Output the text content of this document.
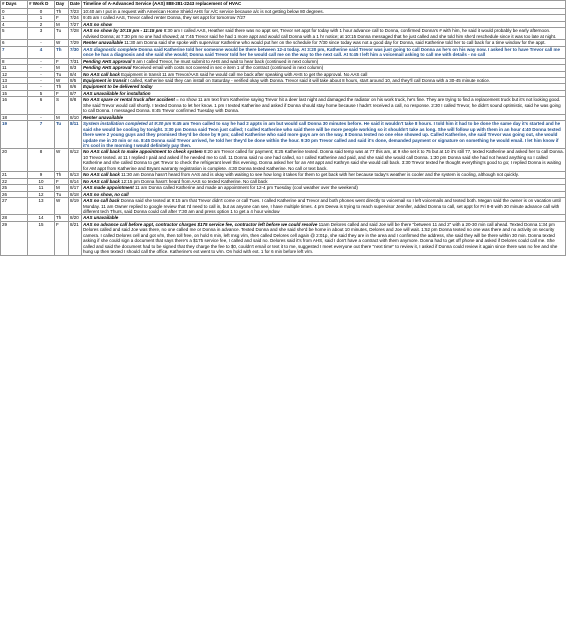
# Days	# Work D	Day	Date	Timeline of A-Advanced Service (AAS) 888-281-2243 replacement of HVAC
0	0	Th	7/23	10:40 am I put in a request with American Home Shield AHS for A/C service because a/c is not getting below 80 degrees.
1	1	F	7/24	9:45 am I called AAS, Trevor called renter Donna, they set appt for tomorrow 7/27
4	2	M	7/27	AAS no show
5	3	Tu	7/28	AAS no show by 10:15 pm - 11:15 pm 8:30 am I called AAS, Heather said there was no appt set, Trevor set appt for today with 1 hour advance call to Donna, confirmed Donna's # with him, he said it would probably be early afternoon. Advised Donna; at 7:30 pm no one had showed; at 7:45 Trevor said he had 1 more appt and would call Donna with a 1 hr notice; at 10:15 Donna messaged that he just called and she told him she'd reschedule since it was too late at night.
6	-	W	7/29	Renter unavailable 11:30 am Donna said she spoke with supervisor Katherine who would put her on the schedule for 7/30 since today was not a good day for Donna, said Katherine told her to call back for a time window for the appt.
7	4	Th	7/30	AAS diagnostic complete Donna said Katherine told her someone would be there between 12-4 today. At 3:20 pm, Katherine said Trevor was just going to call Donna as he's on his way now. I asked her to have Trevor call me once he has a diagnosis and she said she would; Donna said Trevor told her he would call me on the way to the next call. At 5:45 I left him a voicemail asking to call me with details - no call
8	-	F	7/31	Pending AHS approval 9 am I called Trevor, he must submit to AHS and wait to hear back (continued in next column)
11	-	M	8/3	Pending AHS approval Received email with costs not covered in sec e item 1 of the contract (continued in next column)
12	-	Tu	8/4	No AAS call back Equipment in transit 11 am Trevor/AAS said he would call me back after speaking with AHS to get the approval. No AAS call
13	-	W	8/5	Equipment in transit I called, Katherine said they can install on Saturday - verified okay with Donna. Trevor said it will take about 8 hours, start around 10, and they'll call Donna with a 30-45 minute notice.
14	-	Th	8/6	Equipment to be delivered today
15	5	F	8/7	AAS unavailable for installation
16	6	S	8/8	No AAS spare or rental truck after accident = no show 11 am text from Katherine saying Trevor hit a deer last night and damaged the radiator on his work truck, he's fine. They are trying to find a replacement truck but it's not looking good. She said Trevor would call shortly. I texted Donna to let her know. 1 pm I texted Katherine and asked if Donna should stay home because I hadn't received a call, no response. 2:30 I called Trevor, he didn't sound optimistic, said he was going to call Donna. I messaged Donna. 8:45 Trevor confirmed Tuesday with Donna.
18	-	M	8/10	Renter unavailable
19	7	Tu	8/11	System installation completed at 9:30 pm 9:45 am Teon called to say he had 2 appts in am but would call Donna 30 minutes before. He said it wouldn't take 8 hours. I told him it had to be done the same day it's started and he said she would be cooling by tonight. 3:30 pm Donna said Teon just called; I called Katherine who said there will be more people working so it shouldn't take as long. She will follow up with them in an hour 4:40 Donna texted there were 2 young guys and they promised they'd be done by 9 pm; called Katherine who said more guys are on the way. 8 Donna texted no one else showed up. Called Katherine, she said Trevor was going out, she would update me in 20 min or so. 8:45 Donna said Trevor arrived, he told her they'd be done within the hour. 9:30 pm Trevor called and said it's done, demanded payment or signature on something he would email. I let him know if it's cool in the morning I would definitely pay then.
20	8	W	8/12	No AAS call back to make appointment to check system 8:20 am Trevor called for payment; 8:25 Katherine texted. Donna said temp was at 77 this am, at 9 she set it to 75 but at 10 it's still 77, texted Katherine and asked her to call Donna. 10 Trevor texted. at 11 I replied I paid and asked if he needed me to call. 11 Donna said no one had called, so I called Katherine and paid, and she said she would call Donna. 1:30 pm Donna said she had not heard anything so I called Katherine and she called Donna to get Trevor to check the refrigerant level this evening. Donna asked her for an AM appt and Kathryn said she would call back. 3:30 Trevor texted he thought everything's good to go; I replied Donna is waiting for AM appt from Katherine and Bryant warranty registration is complete. 4:30 Donna texted Katherine. No call or text back.
21	9	Th	8/13	No AAS call back 11:30 am Donna hasn't heard from AAS and is okay with waiting to see how long it takes for them to get back with her because today's weather is cooler and the system is cooling, although not quickly.
22	10	F	8/14	No AAS call back 12:15 pm Donna hasn't heard from AAS so texted Katherine. No call back
25	11	M	8/17	AAS made appointment 11 am Donna called Katherine and made an appointment for 12-4 pm Tuesday (cool weather over the weekend)
26	12	Tu	8/18	AAS no show, no call
27	13	W	8/19	AAS no call back Donna said she texted at 9:15 am that Trevor didn't come or call Tues. I called Katherine and Trevor and both phones went directly to voicemail so I left voicemails and texted both. Megan said the owner is on vacation until Monday. 11 am Owner replied to google review that I'd need to call in, but as anyone can see, I have multiple times. 4 pm Deeva is trying to reach supervisor Jennifer, added Donna to call, set appt for Fri 8-8 with 30 minute advance call with different tech Thurs, said Donna could call after 7:30 am and press option 1 to get a 4 hour window
28	14	Th	8/20	AAS unavailable
29	15	F	8/21	AAS no advance call before appt, contractor charges $175 service fee, contractor left before we could resolve 11am Delores called and said Joe will be there "between 11 and 2" with a 20-30 min call ahead. Texted Donna 1:34 pm Delores called and said Joe was there, no one called me or Donna in advance. Texted Donna and she said she'd be home in about 10 minutes, Delores and Joe will wait. 1:52 pm Donna texted no one was there and no activity on security camera. I called Delores cell and got v/m, then toll free, on hold 6 min, left msg v/m, then called Delores cell again @ 2:01p, she said they are in the area and I confirmed the address, she said they will be there within 30 min. Donna texted asking if she could sign a document that says there's a $175 service fee, I called and said no. Delores said it's from AHS, said I don't have a contract with them anymore. Donna had to get off phone and asked if Delores could call me. She called and said the document had to be signed that they charge the fee to $0, couldn't email or text it to me, suggested I meet everyone out there "next time" to review it, I asked if Donna could review it again since there was no fee and she hung up then texted I should call the office. Katherine's ext went to v/m. On hold with ext. 1 for 6 min before left v/m.
